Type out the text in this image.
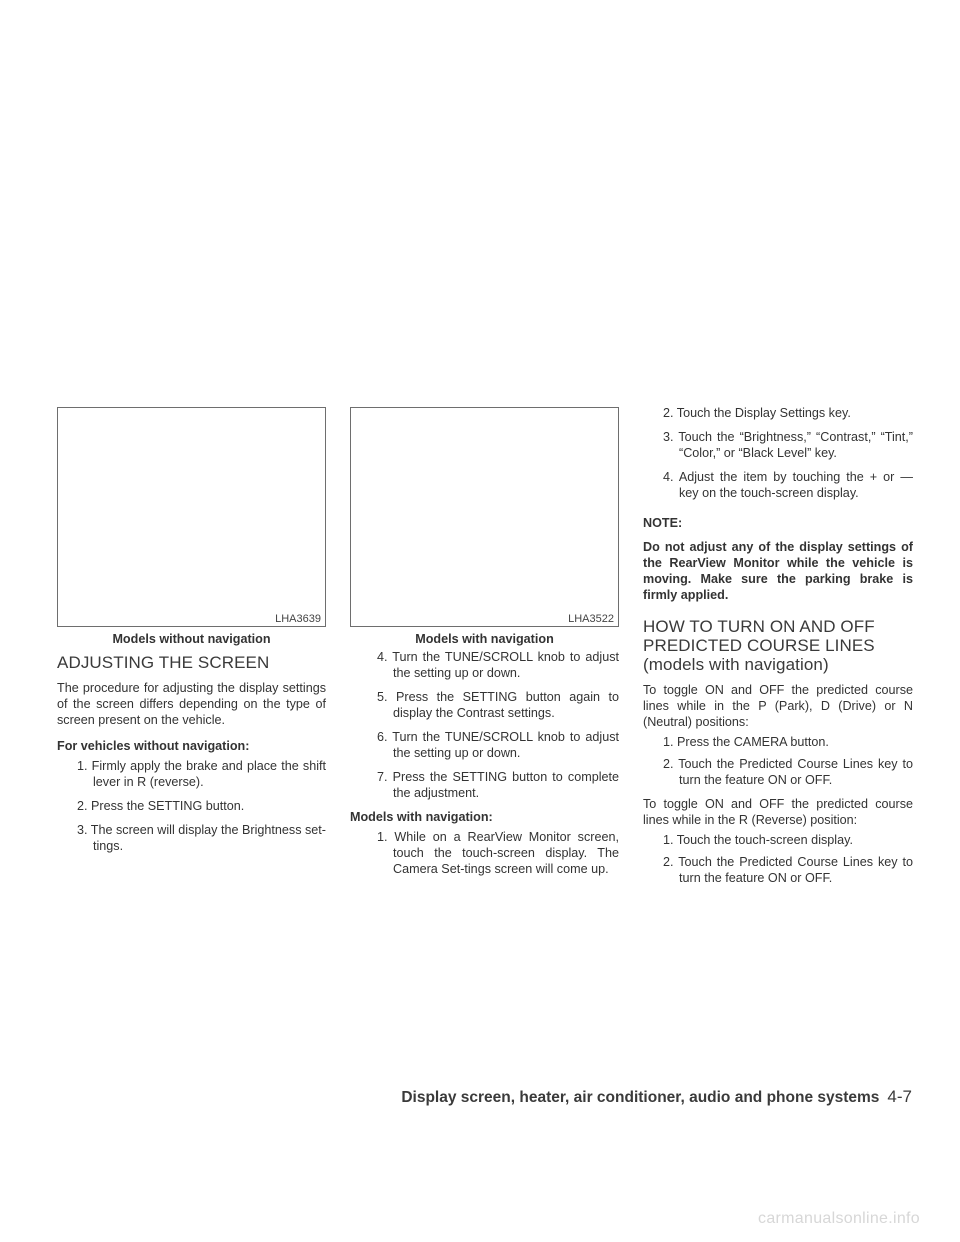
LHA3639
Models without navigation
LHA3522
Models with navigation
ADJUSTING THE SCREEN

The procedure for adjusting the display settings of the screen differs depending on the type of screen present on the vehicle.

For vehicles without navigation:

1. Firmly apply the brake and place the shift lever in R (reverse).
2. Press the SETTING button.
3. The screen will display the Brightness set-tings.
4. Turn the TUNE/SCROLL knob to adjust the setting up or down.
5. Press the SETTING button again to display the Contrast settings.
6. Turn the TUNE/SCROLL knob to adjust the setting up or down.
7. Press the SETTING button to complete the adjustment.

Models with navigation:

1. While on a RearView Monitor screen, touch the touch-screen display. The Camera Set-tings screen will come up.
2. Touch the Display Settings key.
3. Touch the “Brightness,” “Contrast,” “Tint,” “Color,” or “Black Level” key.
4. Adjust the item by touching the + or — key on the touch-screen display.

NOTE:

Do not adjust any of the display settings of the RearView Monitor while the vehicle is moving. Make sure the parking brake is firmly applied.

HOW TO TURN ON AND OFF PREDICTED COURSE LINES (models with navigation)

To toggle ON and OFF the predicted course lines while in the P (Park), D (Drive) or N (Neutral) positions:

1. Press the CAMERA button.
2. Touch the Predicted Course Lines key to turn the feature ON or OFF.

To toggle ON and OFF the predicted course lines while in the R (Reverse) position:

1. Touch the touch-screen display.
2. Touch the Predicted Course Lines key to turn the feature ON or OFF.
Display screen, heater, air conditioner, audio and phone systems 4-7
carmanualsonline.info
